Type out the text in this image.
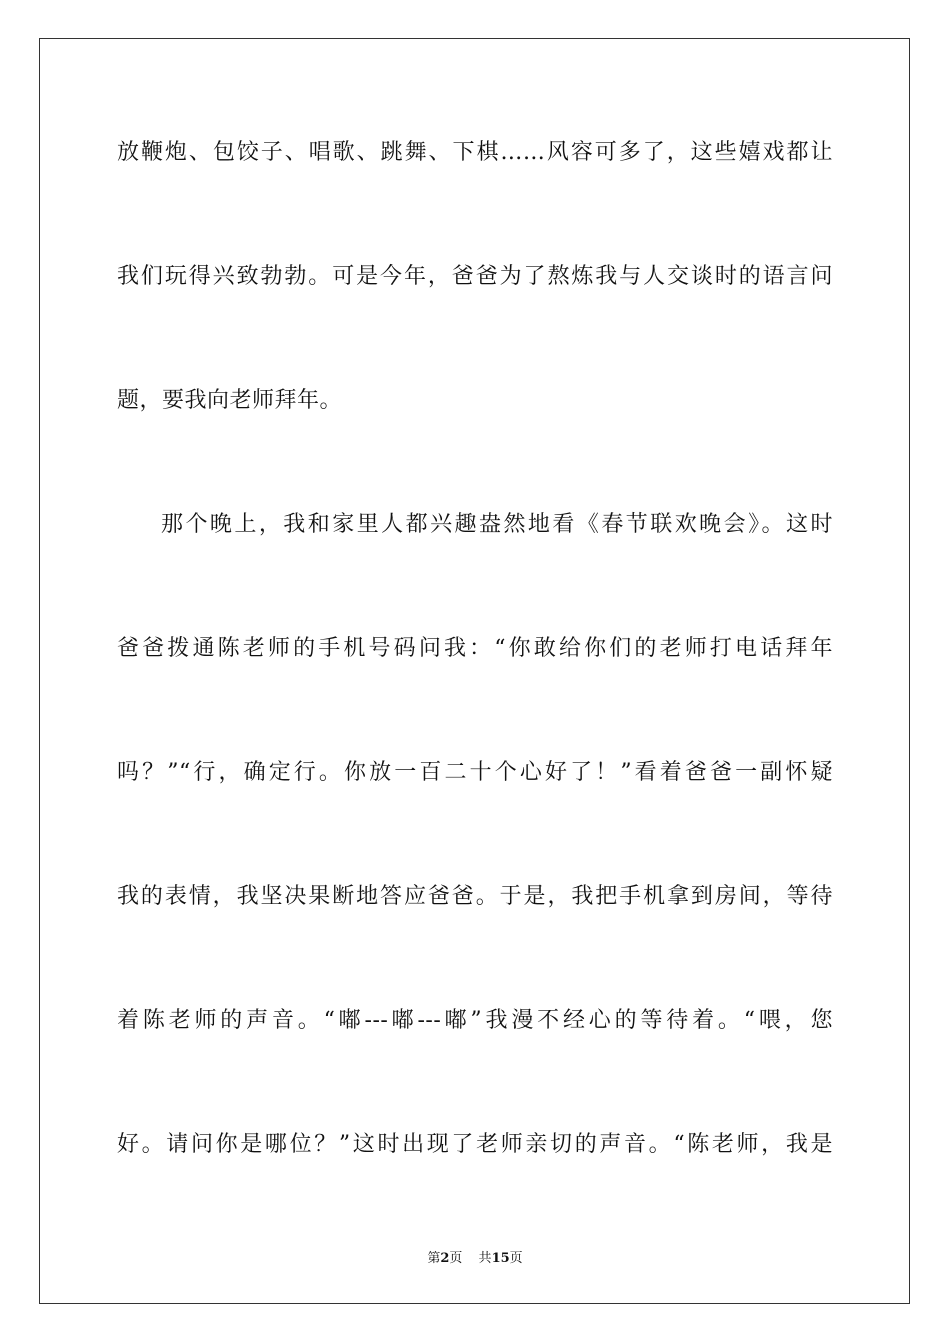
放鞭炮、包饺子、唱歌、跳舞、下棋……风容可多了，这些嬉戏都让
我们玩得兴致勃勃。可是今年，爸爸为了熬炼我与人交谈时的语言问
题，要我向老师拜年。
那个晚上，我和家里人都兴趣盎然地看《春节联欢晚会》。这时
爸爸拨通陈老师的手机号码问我：“你敢给你们的老师打电话拜年
吗？”“行，确定行。你放一百二十个心好了！”看着爸爸一副怀疑
我的表情，我坚决果断地答应爸爸。于是，我把手机拿到房间，等待
着陈老师的声音。“嘟---嘟---嘟”我漫不经心的等待着。“喂，您
好。请问你是哪位？”这时出现了老师亲切的声音。“陈老师，我是
第2页 共15页
